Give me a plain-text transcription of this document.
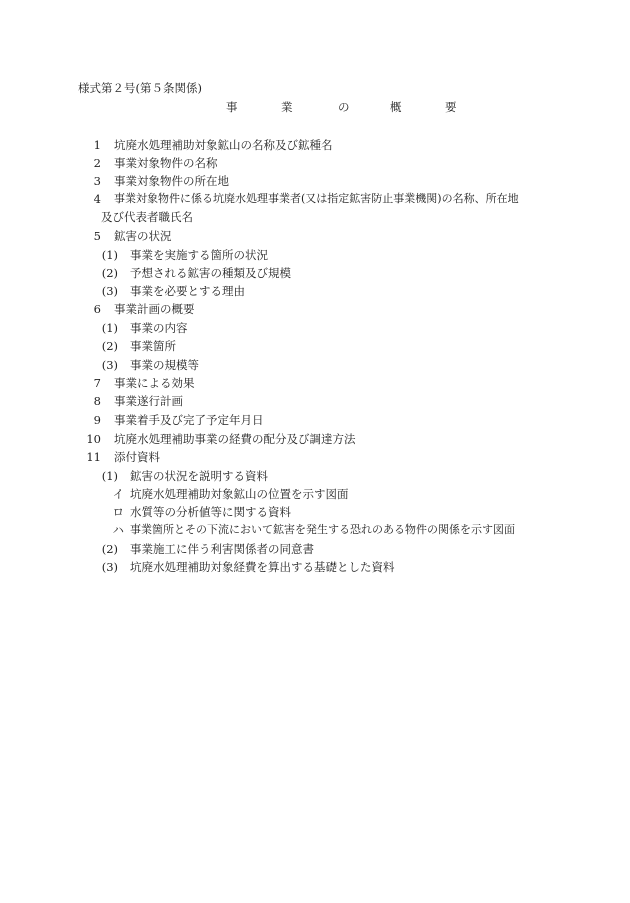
様式第２号(第５条関係)
事	業	の	概	要
1 坑廃水処理補助対象鉱山の名称及び鉱種名
2 事業対象物件の名称
3 事業対象物件の所在地
4 事業対象物件に係る坑廃水処理事業者(又は指定鉱害防止事業機関)の名称、所在地
及び代表者職氏名
5 鉱害の状況
(1) 事業を実施する箇所の状況
(2) 予想される鉱害の種類及び規模
(3) 事業を必要とする理由
6 事業計画の概要
(1) 事業の内容
(2) 事業箇所
(3) 事業の規模等
7 事業による効果
8 事業遂行計画
9 事業着手及び完了予定年月日
10 坑廃水処理補助事業の経費の配分及び調達方法
11 添付資料
(1) 鉱害の状況を説明する資料
イ 坑廃水処理補助対象鉱山の位置を示す図面
ロ 水質等の分析値等に関する資料
ハ 事業箇所とその下流において鉱害を発生する恐れのある物件の関係を示す図面
(2) 事業施工に伴う利害関係者の同意書
(3) 坑廃水処理補助対象経費を算出する基礎とした資料
